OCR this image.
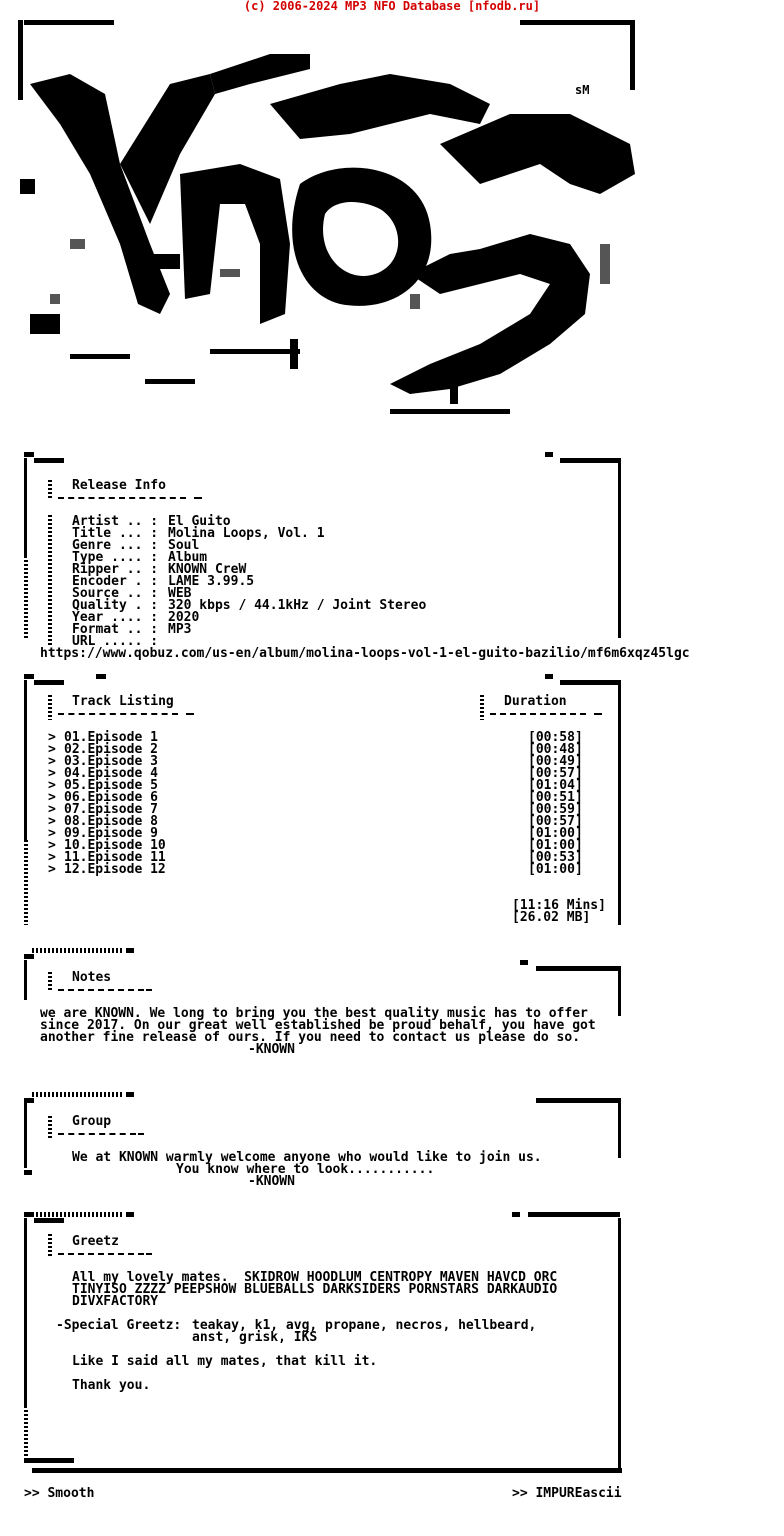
(c) 2006-2024 MP3 NFO Database [nfodb.ru]
sM
Release Info
Artist .. : El Guito
Title ... : Molina Loops, Vol. 1
Genre ... : Soul
Type .... : Album
Ripper .. : KNOWN CreW
Encoder . : LAME 3.99.5
Source .. : WEB
Quality . : 320 kbps / 44.1kHz / Joint Stereo
Year .... : 2020
Format .. : MP3
URL ..... :
https://www.qobuz.com/us-en/album/molina-loops-vol-1-el-guito-bazilio/mf6m6xqz45lgc
Track Listing	Duration
> 01.Episode 1	[00:58]
> 02.Episode 2	[00:48]
> 03.Episode 3	[00:49]
> 04.Episode 4	[00:57]
> 05.Episode 5	[01:04]
> 06.Episode 6	[00:51]
> 07.Episode 7	[00:59]
> 08.Episode 8	[00:57]
> 09.Episode 9	[01:00]
> 10.Episode 10	[01:00]
> 11.Episode 11	[00:53]
> 12.Episode 12	[01:00]
[11:16 Mins]
[26.02 MB]
Notes
we are KNOWN. We long to bring you the best quality music has to offer
since 2017. On our great well established be proud behalf, you have got
another fine release of ours. If you need to contact us please do so.
-KNOWN
Group
We at KNOWN warmly welcome anyone who would like to join us.
You know where to look...........
-KNOWN
Greetz
All my lovely mates.  SKIDROW HOODLUM CENTROPY MAVEN HAVCD ORC
TINYISO ZZZZ PEEPSHOW BLUEBALLS DARKSIDERS PORNSTARS DARKAUDIO
DIVXFACTORY
-Special Greetz: teakay, k1, avg, propane, necros, hellbeard,
anst, grisk, IKS
Like I said all my mates, that kill it.
Thank you.
>> Smooth	>> IMPUREascii
